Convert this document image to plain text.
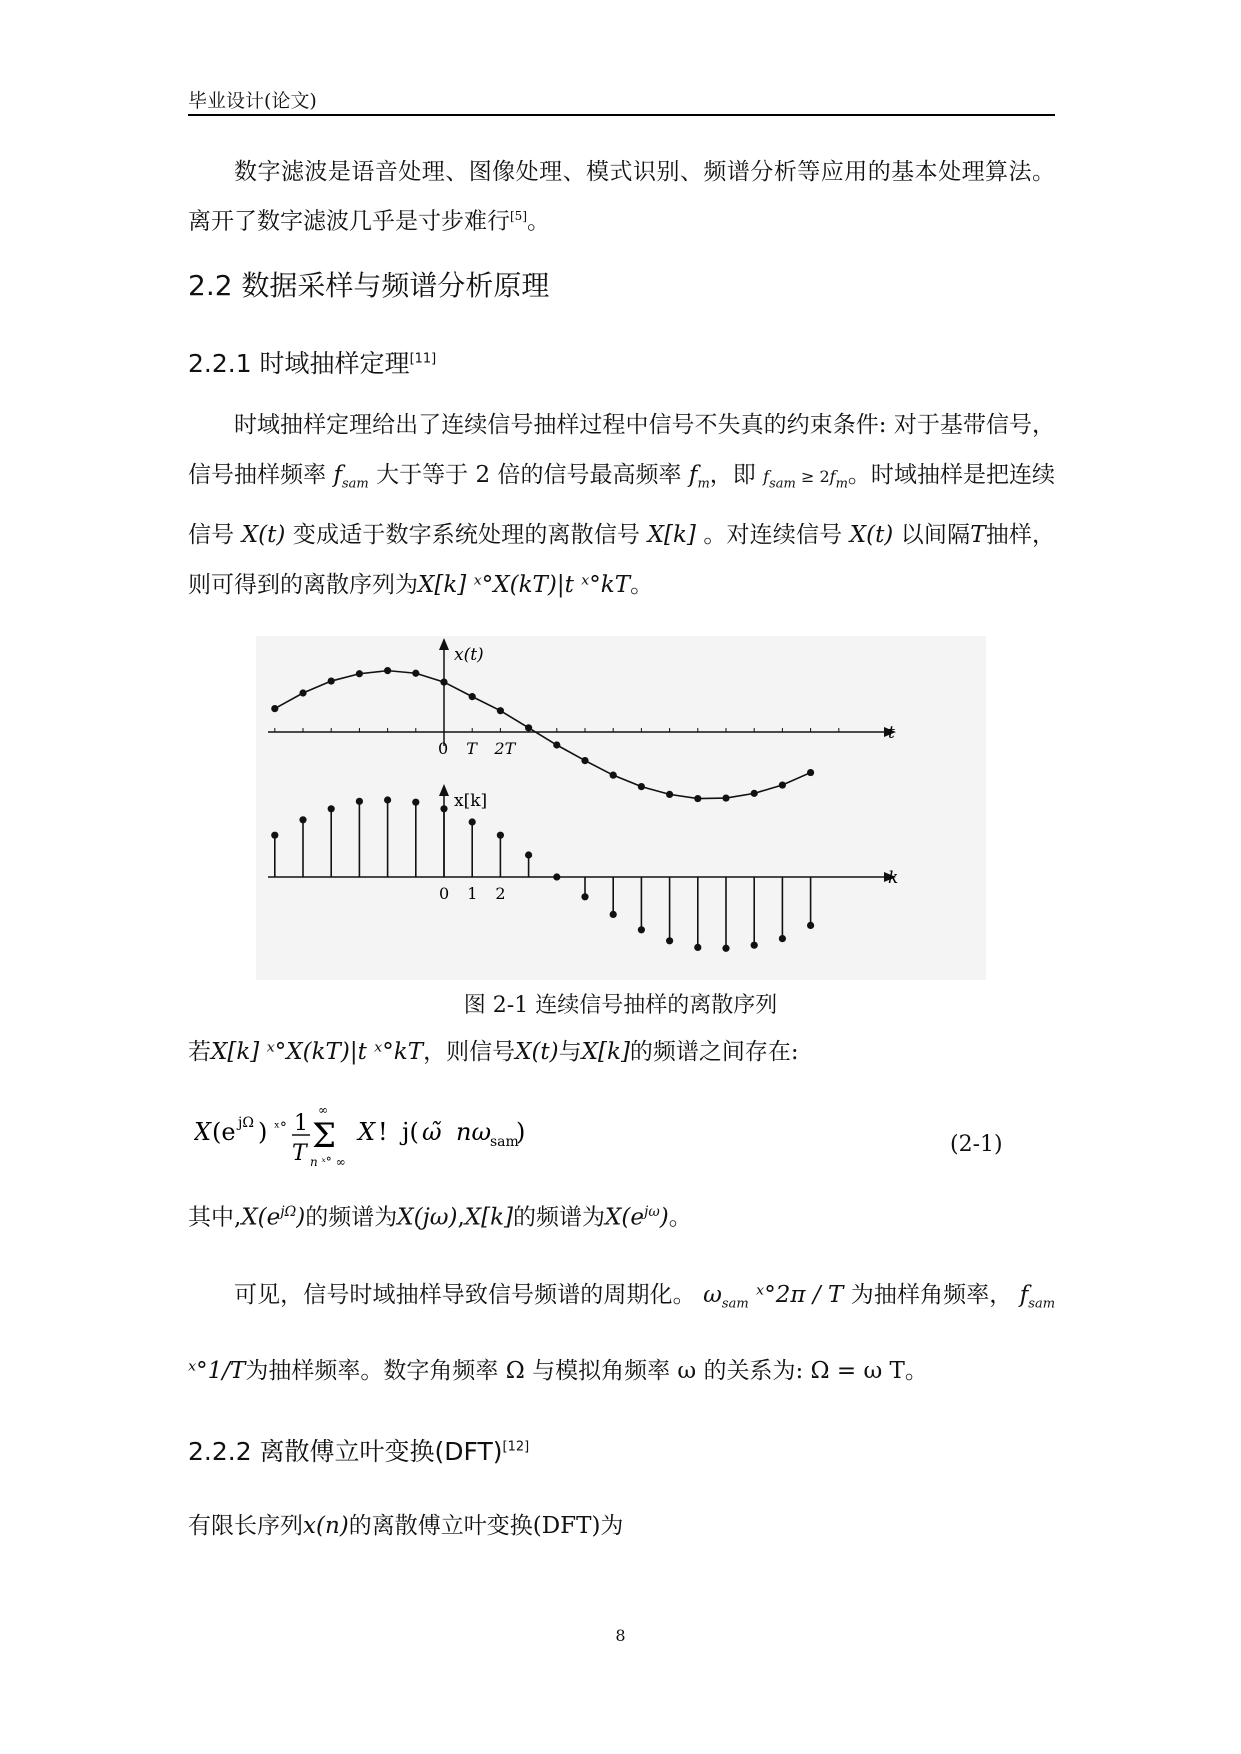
毕业设计(论文)
数字滤波是语音处理、图像处理、模式识别、频谱分析等应用的基本处理算法。离开了数字滤波几乎是寸步难行[5]。
2.2 数据采样与频谱分析原理
2.2.1 时域抽样定理[11]
时域抽样定理给出了连续信号抽样过程中信号不失真的约束条件: 对于基带信号，信号抽样频率 $f_{sam}$ 大于等于 2 倍的信号最高频率 $f_m$，即 $f_{sam} \ge 2f_m$。时域抽样是把连续信号 X(t) 变成适于数字系统处理的离散信号 X[k] 。对连续信号 X(t) 以间隔T抽样，则可得到的离散序列为X[k] ˣ°X(kT)|t ˣ°kT。
x(t)
t
0 T 2T
x[k]
k
0 1 2
图 2-1 连续信号抽样的离散序列
若X[k] ˣ°X(kT)|t ˣ°kT，则信号X(t)与X[k]的频谱之间存在:
X (e jΩ ) ˣ° 1
T
∞
Σ
n ˣ° ∞
X ! j( ω̃ nω
sam
)	(2-1)
其中$,X(e^{j\Omega})$的频谱为X(jω),X[k]的频谱为$X(e^{j\omega})$。
可见，信号时域抽样导致信号频谱的周期化。 $\omega_{sam}$ ˣ°2π / T 为抽样角频率， $f_{sam}$ ˣ°1/T为抽样频率。数字角频率 Ω 与模拟角频率 ω 的关系为: Ω = ω T。
2.2.2 离散傅立叶变换(DFT)[12]
有限长序列x(n)的离散傅立叶变换(DFT)为
8
